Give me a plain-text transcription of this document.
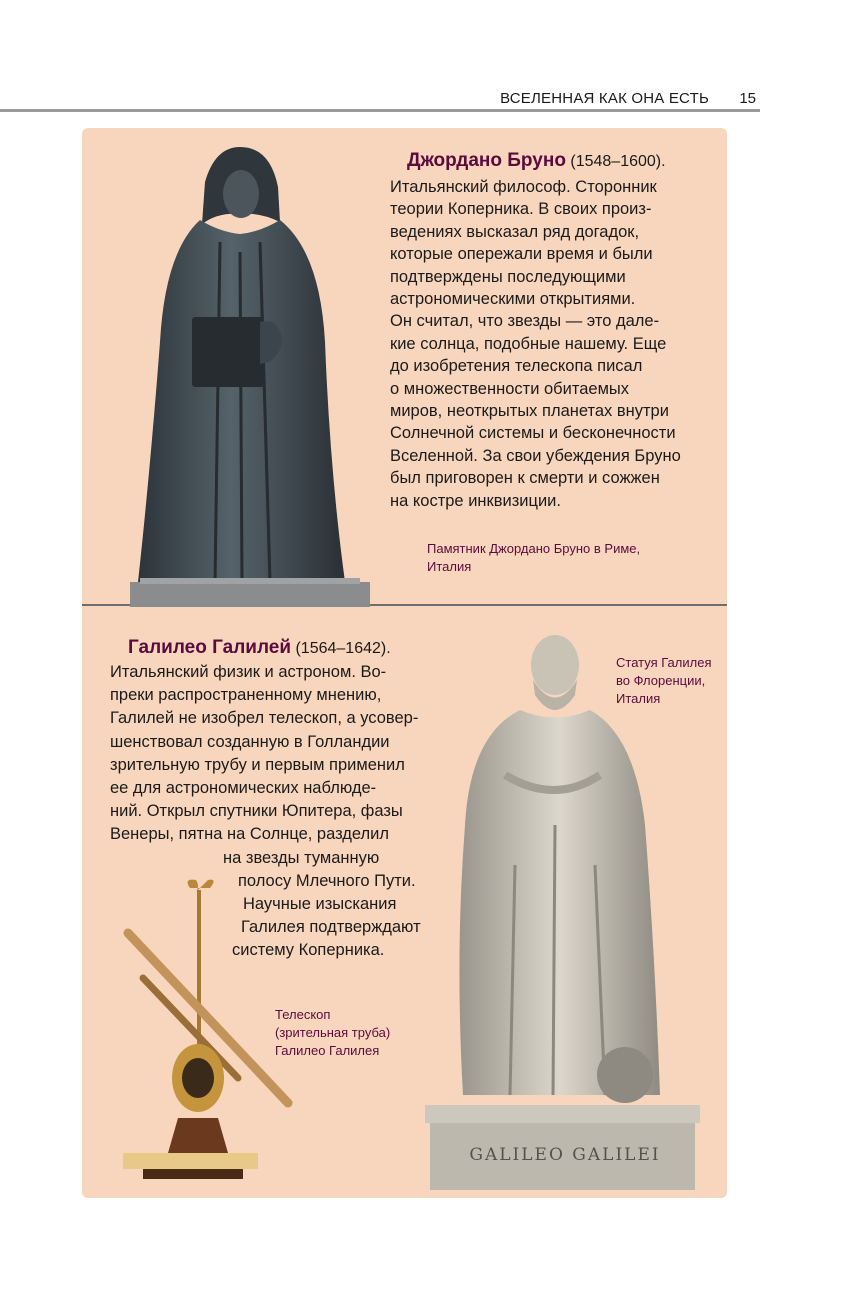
ВСЕЛЕННАЯ КАК ОНА ЕСТЬ 15
Джордано Бруно (1548–1600).
Итальянский философ. Сторонник
теории Коперника. В своих произ-
ведениях высказал ряд догадок,
которые опережали время и были
подтверждены последующими
астрономическими открытиями.
Он считал, что звезды — это дале-
кие солнца, подобные нашему. Еще
до изобретения телескопа писал
о множественности обитаемых
миров, неоткрытых планетах внутри
Солнечной системы и бесконечности
Вселенной. За свои убеждения Бруно
был приговорен к смерти и сожжен
на костре инквизиции.
Памятник Джордано Бруно в Риме,
Италия
Галилео Галилей (1564–1642).
Итальянский физик и астроном. Во-
преки распространенному мнению,
Галилей не изобрел телескоп, а усовер-
шенствовал созданную в Голландии
зрительную трубу и первым применил
ее для астрономических наблюде-
ний. Открыл спутники Юпитера, фазы
Венеры, пятна на Солнце, разделил
на звезды туманную
полосу Млечного Пути.
Научные изыскания
Галилея подтверждают
систему Коперника.
GALILEO GALILEI
Статуя Галилея
во Флоренции,
Италия
Телескоп
(зрительная труба)
Галилео Галилея
